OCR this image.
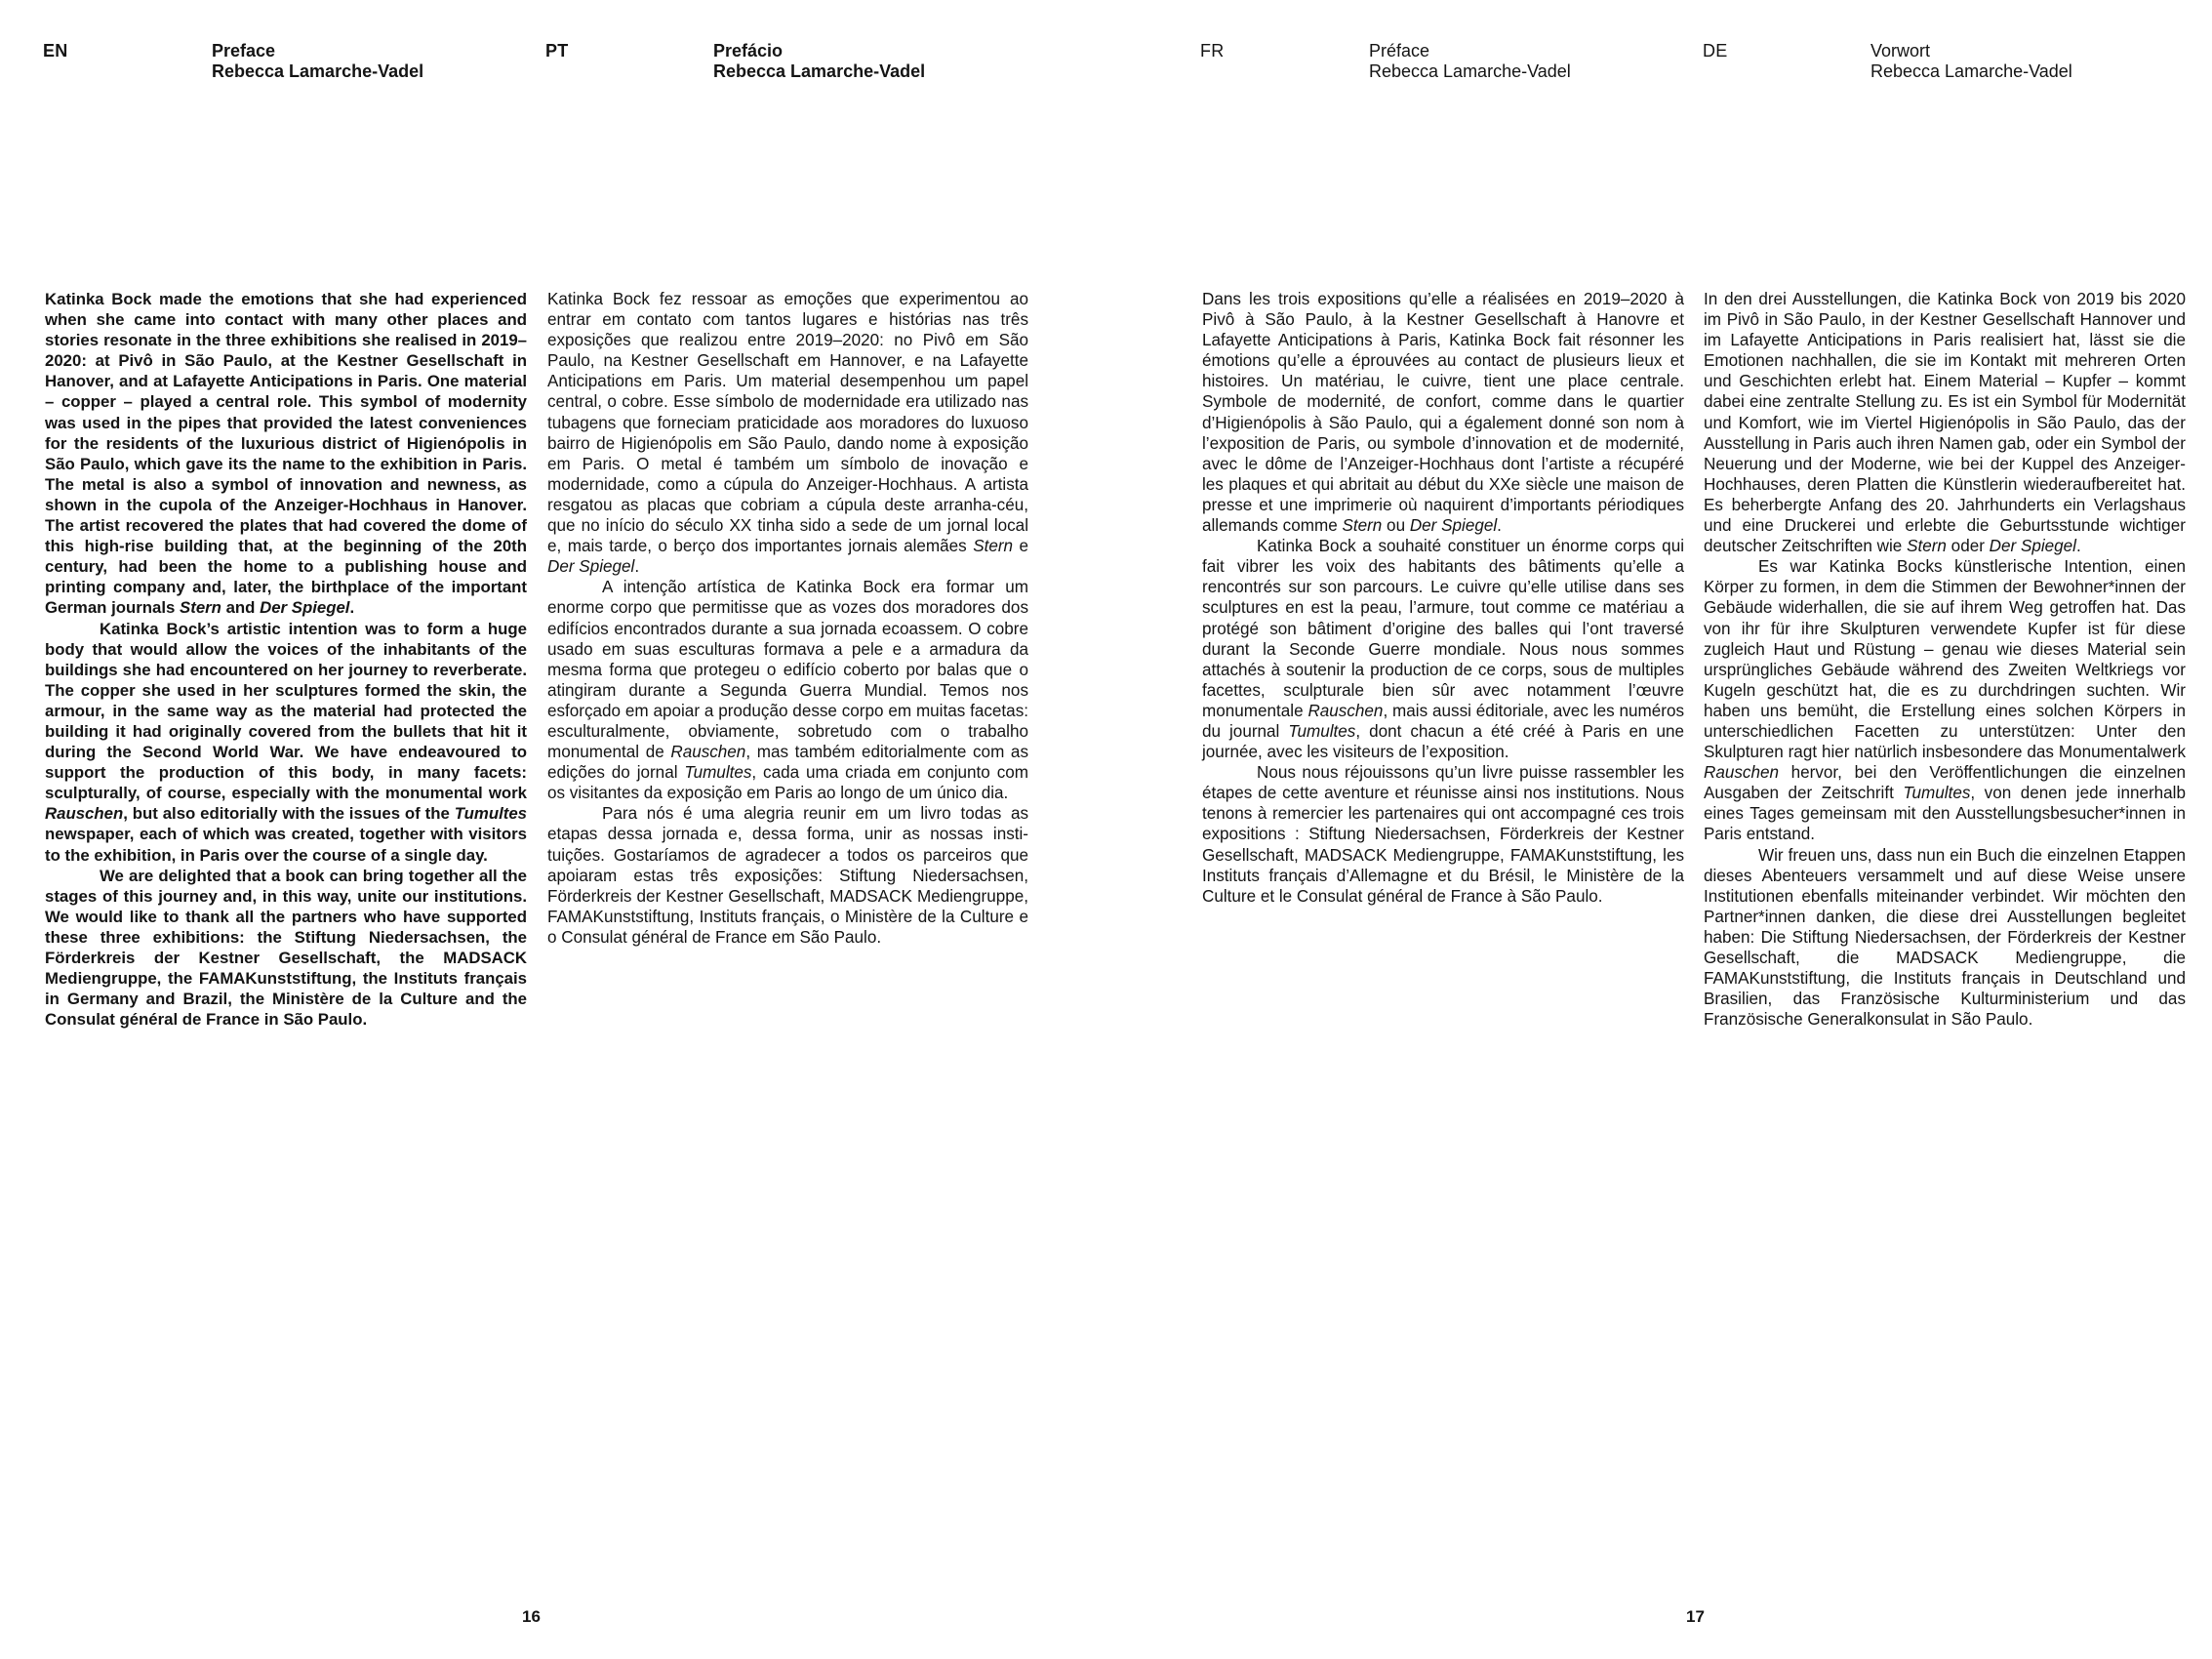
EN	Preface
Rebecca Lamarche-Vadel
PT	Prefácio
Rebecca Lamarche-Vadel

Katinka Bock made the emotions that she had experienced when she came into contact with many other places and stories resonate in the three exhibitions she realised in 2019–2020: at Pivô in São Paulo, at the Kestner Gesellschaft in Hanover, and at Lafayette Anticipations in Paris. One material – copper – played a central role. This symbol of modernity was used in the pipes that provided the latest conveniences for the residents of the luxurious district of Higienópolis in São Paulo, which gave its the name to the exhibition in Paris. The metal is also a symbol of innovation and newness, as shown in the cupola of the Anzeiger-Hochhaus in Hanover. The artist recovered the plates that had covered the dome of this high-rise building that, at the beginning of the 20th century, had been the home to a publishing house and printing company and, later, the birthplace of the important German journals Stern and Der Spiegel.

Katinka Bock’s artistic intention was to form a huge body that would allow the voices of the inhabitants of the buildings she had encountered on her journey to reverberate. The copper she used in her sculptures formed the skin, the armour, in the same way as the material had protected the building it had originally covered from the bullets that hit it during the Second World War. We have endeavoured to support the production of this body, in many facets: sculpturally, of course, especially with the monumental work Rauschen, but also editorially with the issues of the Tumultes newspaper, each of which was created, together with visitors to the exhibition, in Paris over the course of a single day.

We are delighted that a book can bring together all the stages of this journey and, in this way, unite our institutions. We would like to thank all the partners who have supported these three exhibitions: the Stiftung Niedersachsen, the Förderkreis der Kestner Gesellschaft, the MADSACK Mediengruppe, the FAMAKunststiftung, the Instituts français in Germany and Brazil, the Ministère de la Culture and the Consulat général de France in São Paulo.

Katinka Bock fez ressoar as emoções que experimentou ao entrar em contato com tantos lugares e histórias nas três exposições que realizou entre 2019–2020: no Pivô em São Paulo, na Kestner Gesellschaft em Hannover, e na Lafayette Anticipations em Paris. Um material desempenhou um papel central, o cobre. Esse símbolo de modernidade era utilizado nas tubagens que forneciam praticidade aos moradores do luxuoso bairro de Higienópolis em São Paulo, dando nome à exposição em Paris. O metal é também um símbolo de inovação e modernidade, como a cúpula do Anzeiger-Hochhaus. A artista resgatou as placas que cobriam a cúpula deste arranha-céu, que no início do século XX tinha sido a sede de um jornal local e, mais tarde, o berço dos importantes jornais alemães Stern e Der Spiegel.

A intenção artística de Katinka Bock era formar um enorme corpo que permitisse que as vozes dos moradores dos edifícios encontrados durante a sua jornada ecoassem. O cobre usado em suas esculturas formava a pele e a armadura da mesma forma que protegeu o edifício coberto por balas que o atingiram durante a Segunda Guerra Mundial. Temos nos esforçado em apoiar a produção desse corpo em muitas facetas: esculturalmente, obviamente, sobretudo com o trabalho monumental de Rauschen, mas também editorialmente com as edições do jornal Tumultes, cada uma criada em conjunto com os visitantes da exposição em Paris ao longo de um único dia.

Para nós é uma alegria reunir em um livro todas as etapas dessa jornada e, dessa forma, unir as nossas instituições. Gostaríamos de agradecer a todos os parceiros que apoiaram estas três exposições: Stiftung Niedersachsen, Förderkreis der Kestner Gesellschaft, MADSACK Mediengruppe, FAMAKunststiftung, Instituts français, o Ministère de la Culture e o Consulat général de France em São Paulo.

16
FR	Préface
Rebecca Lamarche-Vadel
DE	Vorwort
Rebecca Lamarche-Vadel

Dans les trois expositions qu’elle a réalisées en 2019–2020 à Pivô à São Paulo, à la Kestner Gesellschaft à Hanovre et Lafayette Anticipations à Paris, Katinka Bock fait résonner les émotions qu’elle a éprouvées au contact de plusieurs lieux et histoires. Un matériau, le cuivre, tient une place centrale. Symbole de modernité, de confort, comme dans le quartier d’Higienópolis à São Paulo, qui a également donné son nom à l’exposition de Paris, ou symbole d’innovation et de modernité, avec le dôme de l’Anzeiger-Hochhaus dont l’artiste a récupéré les plaques et qui abritait au début du XXe siècle une maison de presse et une imprimerie où naquirent d’importants périodiques allemands comme Stern ou Der Spiegel.

Katinka Bock a souhaité constituer un énorme corps qui fait vibrer les voix des habitants des bâtiments qu’elle a rencontrés sur son parcours. Le cuivre qu’elle utilise dans ses sculptures en est la peau, l’armure, tout comme ce matériau a protégé son bâtiment d’origine des balles qui l’ont traversé durant la Seconde Guerre mondiale. Nous nous sommes attachés à soutenir la production de ce corps, sous de multiples facettes, sculpturale bien sûr avec notamment l’œuvre monumentale Rauschen, mais aussi éditoriale, avec les numéros du journal Tumultes, dont chacun a été créé à Paris en une journée, avec les visiteurs de l’exposition.

Nous nous réjouissons qu’un livre puisse rassembler les étapes de cette aventure et réunisse ainsi nos institutions. Nous tenons à remercier les partenaires qui ont accompagné ces trois expositions : Stiftung Niedersachsen, Förderkreis der Kestner Gesellschaft, MADSACK Mediengruppe, FAMAKunststiftung, les Instituts français d’Allemagne et du Brésil, le Ministère de la Culture et le Consulat général de France à São Paulo.

In den drei Ausstellungen, die Katinka Bock von 2019 bis 2020 im Pivô in São Paulo, in der Kestner Gesellschaft Hannover und im Lafayette Anticipations in Paris realisiert hat, lässt sie die Emotionen nachhallen, die sie im Kontakt mit mehreren Orten und Geschichten erlebt hat. Einem Material – Kupfer – kommt dabei eine zentralte Stellung zu. Es ist ein Symbol für Modernität und Komfort, wie im Viertel Higienópolis in São Paulo, das der Ausstellung in Paris auch ihren Namen gab, oder ein Symbol der Neuerung und der Moderne, wie bei der Kuppel des Anzeiger-Hochhauses, deren Platten die Künstlerin wiederaufbereitet hat. Es beherbergte Anfang des 20. Jahrhunderts ein Verlagshaus und eine Druckerei und erlebte die Geburtsstunde wichtiger deutscher Zeitschriften wie Stern oder Der Spiegel.

Es war Katinka Bocks künstlerische Intention, einen Körper zu formen, in dem die Stimmen der Bewohner*innen der Gebäude widerhallen, die sie auf ihrem Weg getroffen hat. Das von ihr für ihre Skulpturen verwendete Kupfer ist für diese zugleich Haut und Rüstung – genau wie dieses Material sein ursprüngliches Gebäude während des Zweiten Weltkriegs vor Kugeln geschützt hat, die es zu durchdringen suchten. Wir haben uns bemüht, die Erstellung eines solchen Körpers in unterschiedlichen Facetten zu unterstützen: Unter den Skulpturen ragt hier natürlich insbesondere das Monumentalwerk Rauschen hervor, bei den Veröffentlichungen die einzelnen Ausgaben der Zeitschrift Tumultes, von denen jede innerhalb eines Tages gemeinsam mit den Ausstellungsbesucher*innen in Paris entstand.

Wir freuen uns, dass nun ein Buch die einzelnen Etappen dieses Abenteuers versammelt und auf diese Weise unsere Institutionen ebenfalls miteinander verbindet. Wir möchten den Partner*innen danken, die diese drei Ausstellungen begleitet haben: Die Stiftung Niedersachsen, der Förderkreis der Kestner Gesellschaft, die MADSACK Mediengruppe, die FAMAKunststiftung, die Instituts français in Deutschland und Brasilien, das Französische Kulturministerium und das Französische Generalkonsulat in São Paulo.

17
